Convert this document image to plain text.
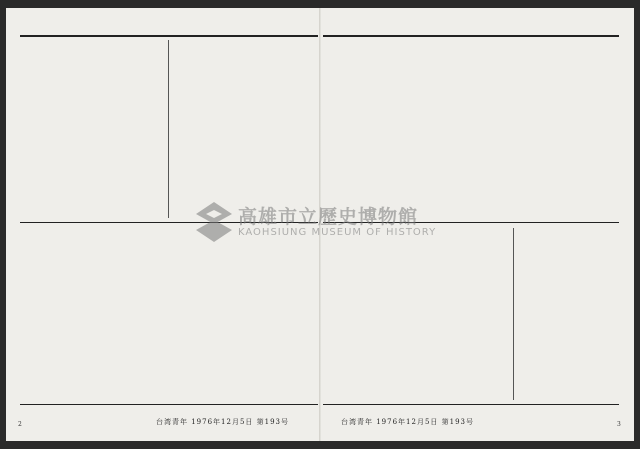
台湾青年 1976年12月5日 第193号
2	台湾青年 1976年12月5日 第193号	3
高雄市立歷史博物館
KAOHSIUNG MUSEUM OF HISTORY
